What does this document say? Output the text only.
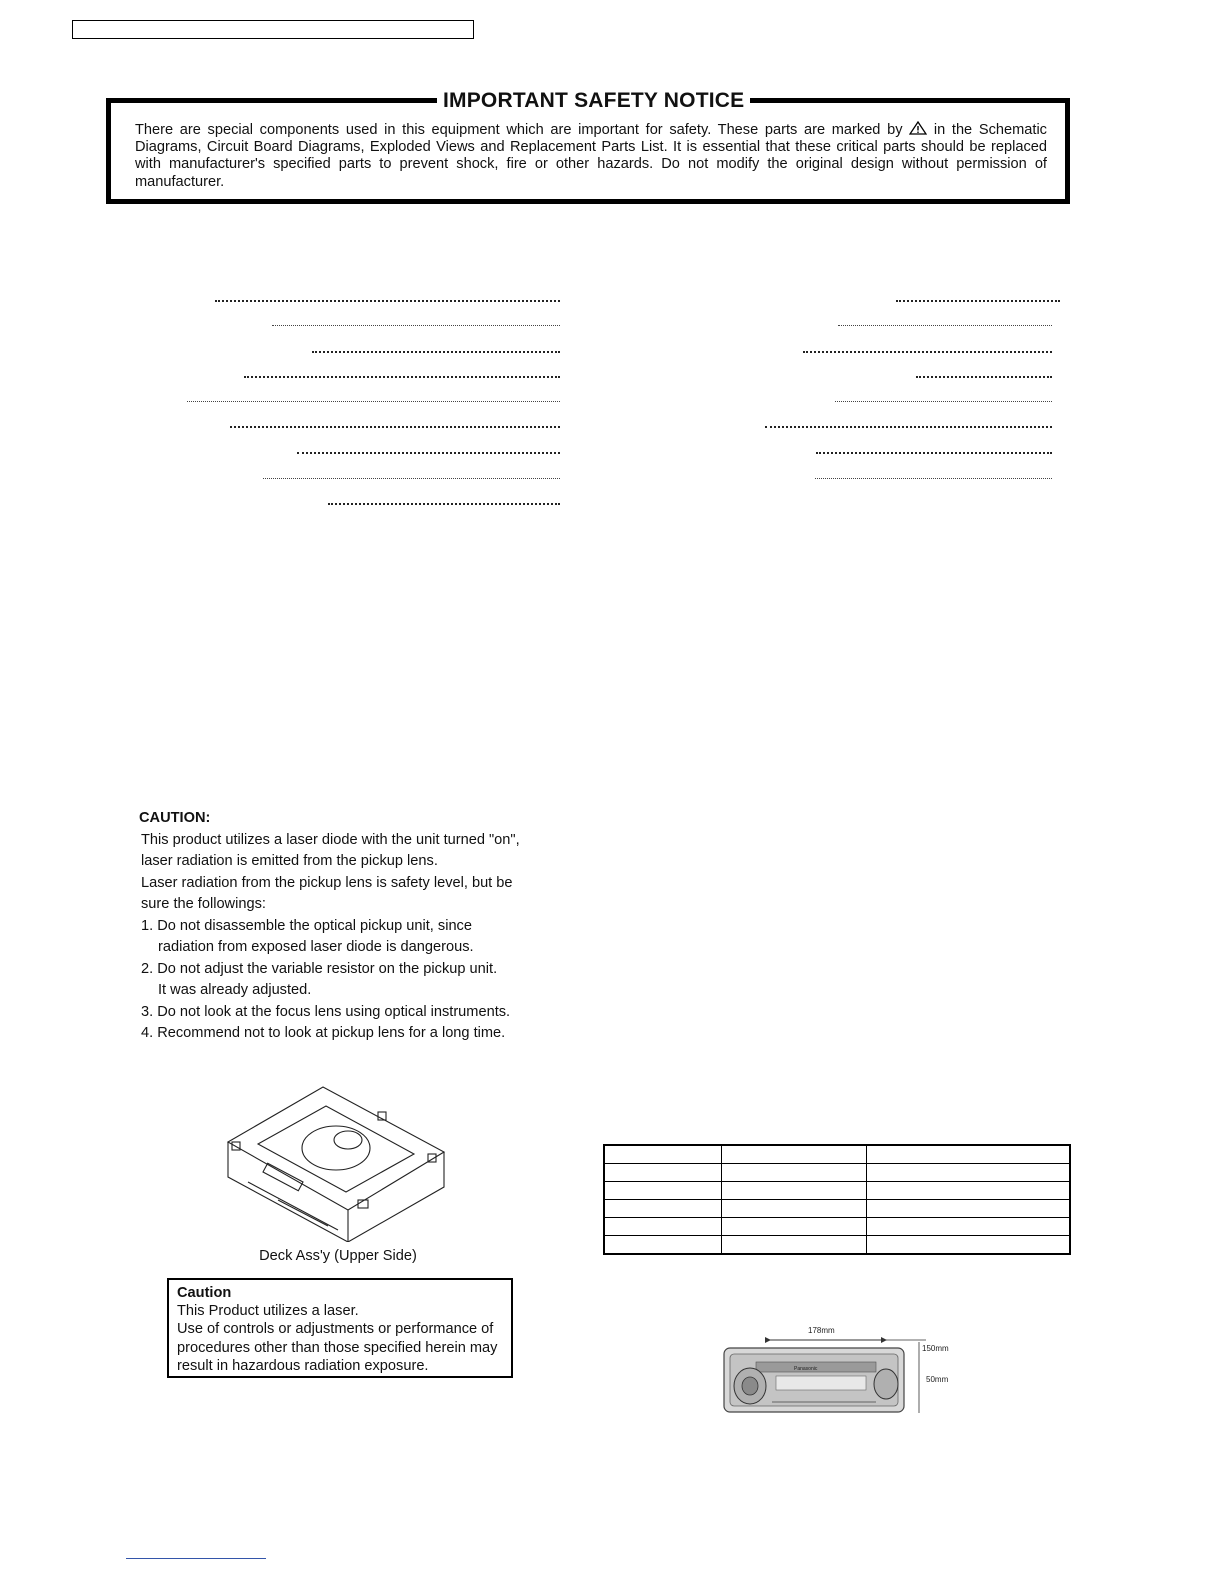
IMPORTANT SAFETY NOTICE
There are special components used in this equipment which are important for safety. These parts are marked by in the Schematic Diagrams, Circuit Board Diagrams, Exploded Views and Replacement Parts List. It is essential that these critical parts should be replaced with manufacturer's specified parts to prevent shock, fire or other hazards. Do not modify the original design without permission of manufacturer.
CAUTION:
This product utilizes a laser diode with the unit turned "on",
laser radiation is emitted from the pickup lens.
Laser radiation from the pickup lens is safety level, but be
sure the followings:
1. Do not disassemble the optical pickup unit, since
radiation from exposed laser diode is dangerous.
2. Do not adjust the variable resistor on the pickup unit.
It was already adjusted.
3. Do not look at the focus lens using optical instruments.
4. Recommend not to look at pickup lens for a long time.
Deck Ass'y (Upper Side)
Caution
This Product utilizes a laser.
Use of controls or adjustments or performance of
procedures other than those specified herein may
result in hazardous radiation exposure.

178mm
150mm
50mm
Panasonic
